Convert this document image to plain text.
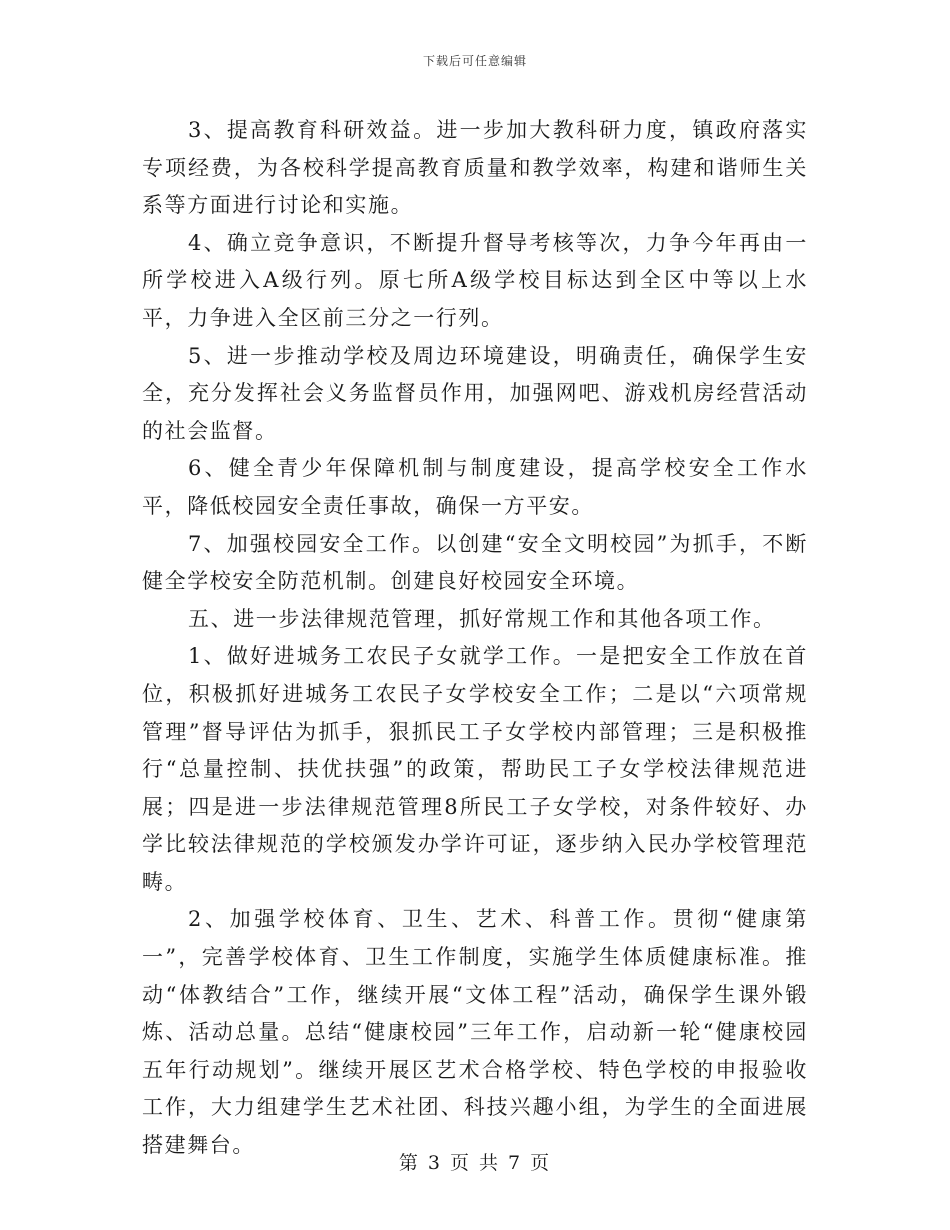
下载后可任意编辑

3、提高教育科研效益。进一步加大教科研力度，镇政府落实专项经费，为各校科学提高教育质量和教学效率，构建和谐师生关系等方面进行讨论和实施。

4、确立竞争意识，不断提升督导考核等次，力争今年再由一所学校进入A级行列。原七所A级学校目标达到全区中等以上水平，力争进入全区前三分之一行列。

5、进一步推动学校及周边环境建设，明确责任，确保学生安全，充分发挥社会义务监督员作用，加强网吧、游戏机房经营活动的社会监督。

6、健全青少年保障机制与制度建设，提高学校安全工作水平，降低校园安全责任事故，确保一方平安。

7、加强校园安全工作。以创建“安全文明校园”为抓手，不断健全学校安全防范机制。创建良好校园安全环境。

五、进一步法律规范管理，抓好常规工作和其他各项工作。

1、做好进城务工农民子女就学工作。一是把安全工作放在首位，积极抓好进城务工农民子女学校安全工作；二是以“六项常规管理”督导评估为抓手，狠抓民工子女学校内部管理；三是积极推行“总量控制、扶优扶强”的政策，帮助民工子女学校法律规范进展；四是进一步法律规范管理8所民工子女学校，对条件较好、办学比较法律规范的学校颁发办学许可证，逐步纳入民办学校管理范畴。

2、加强学校体育、卫生、艺术、科普工作。贯彻“健康第一”，完善学校体育、卫生工作制度，实施学生体质健康标准。推动“体教结合”工作，继续开展“文体工程”活动，确保学生课外锻炼、活动总量。总结“健康校园”三年工作，启动新一轮“健康校园五年行动规划”。继续开展区艺术合格学校、特色学校的申报验收工作，大力组建学生艺术社团、科技兴趣小组，为学生的全面进展搭建舞台。

第 3 页 共 7 页
